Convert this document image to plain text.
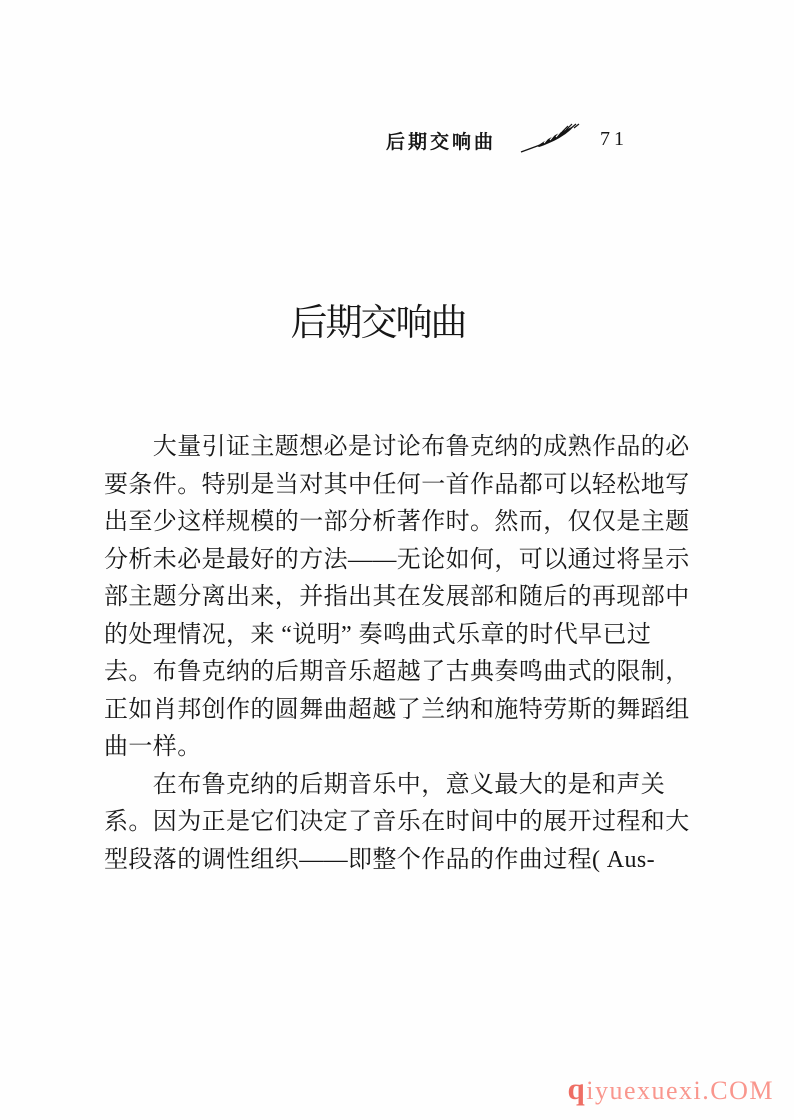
后期交响曲	71
后期交响曲
　　大量引证主题想必是讨论布鲁克纳的成熟作品的必
要条件。特别是当对其中任何一首作品都可以轻松地写
出至少这样规模的一部分析著作时。然而，仅仅是主题
分析未必是最好的方法——无论如何，可以通过将呈示
部主题分离出来，并指出其在发展部和随后的再现部中
的处理情况，来 “说明” 奏鸣曲式乐章的时代早已过
去。布鲁克纳的后期音乐超越了古典奏鸣曲式的限制，
正如肖邦创作的圆舞曲超越了兰纳和施特劳斯的舞蹈组
曲一样。
　　在布鲁克纳的后期音乐中，意义最大的是和声关
系。因为正是它们决定了音乐在时间中的展开过程和大
型段落的调性组织——即整个作品的作曲过程( Aus-
qiyuexuexi.COM
